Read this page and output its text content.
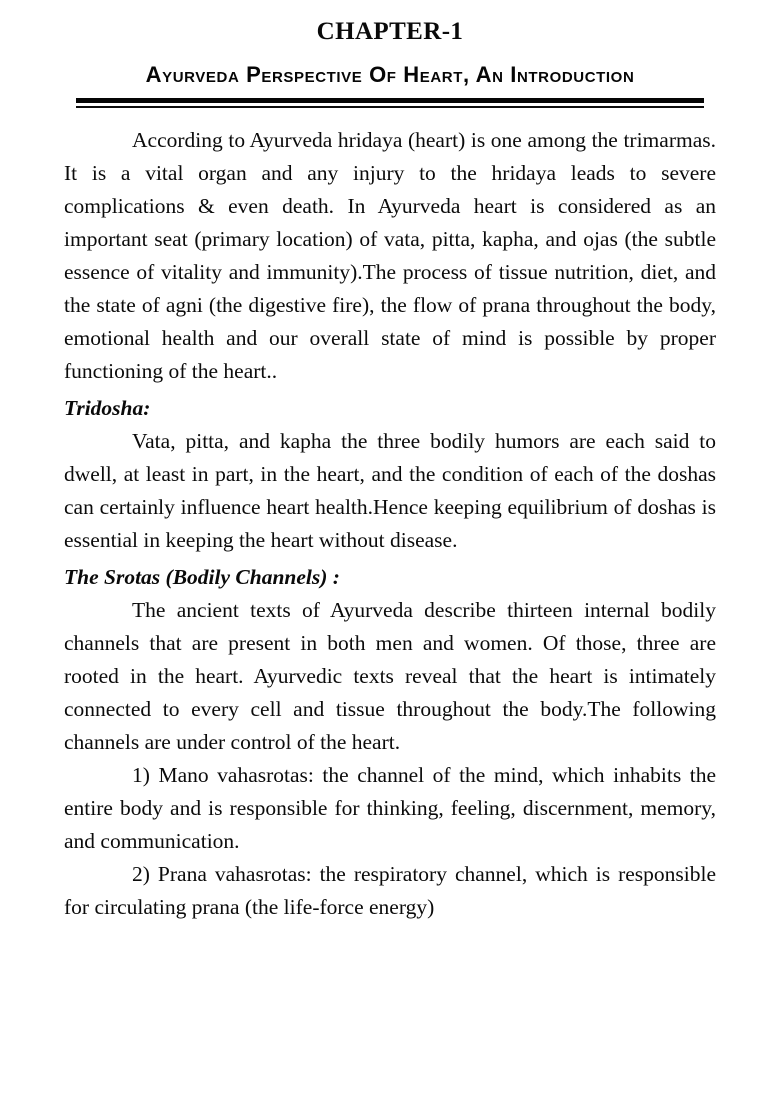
CHAPTER-1
Ayurveda Perspective Of Heart, An Introduction

According to Ayurveda hridaya (heart) is one among the trimarmas. It is a vital organ and any injury to the hridaya leads to severe complications & even death. In Ayurveda heart is considered as an important seat (primary location) of vata, pitta, kapha, and ojas (the subtle essence of vitality and immunity).The process of tissue nutrition, diet, and the state of agni (the digestive fire), the flow of prana throughout the body, emotional health and our overall state of mind is possible by proper functioning of the heart..

Tridosha:

Vata, pitta, and kapha the three bodily humors are each said to dwell, at least in part, in the heart, and the condition of each of the doshas can certainly influence heart health.Hence keeping equilibrium of doshas is essential in keeping the heart without disease.

The Srotas (Bodily Channels) :

The ancient texts of Ayurveda describe thirteen internal bodily channels that are present in both men and women. Of those, three are rooted in the heart. Ayurvedic texts reveal that the heart is intimately connected to every cell and tissue throughout the body.The following channels are under control of the heart.

1) Mano vahasrotas: the channel of the mind, which inhabits the entire body and is responsible for thinking, feeling, discernment, memory, and communication.

2) Prana vahasrotas: the respiratory channel, which is responsible for circulating prana (the life-force energy)
